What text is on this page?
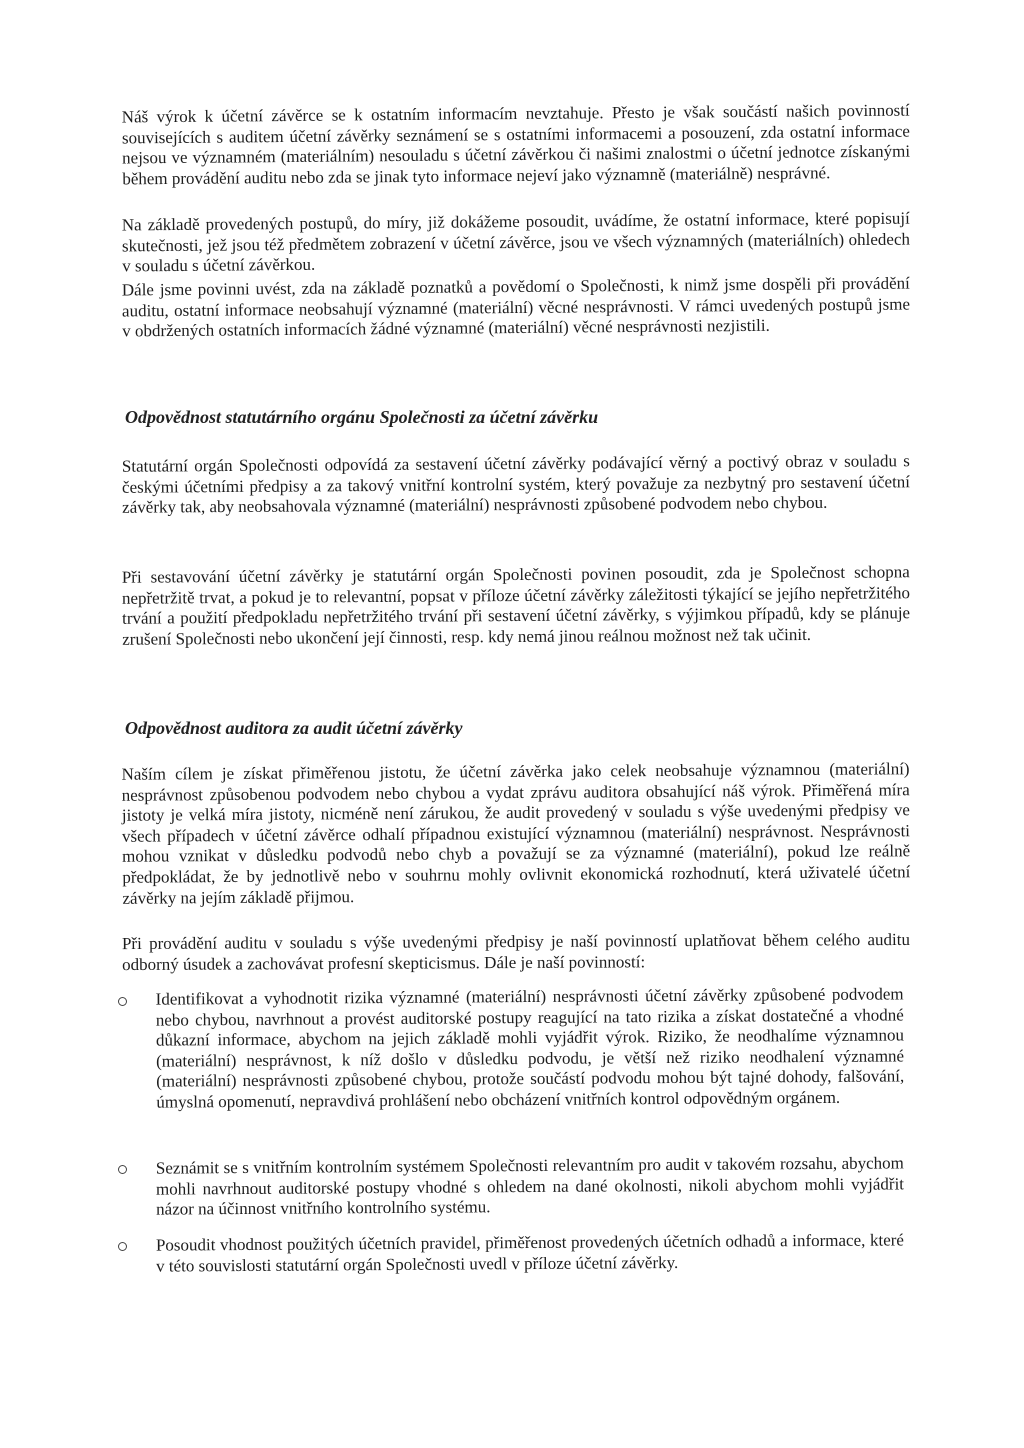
Náš výrok k účetní závěrce se k ostatním informacím nevztahuje. Přesto je však součástí našich povinností souvisejících s auditem účetní závěrky seznámení se s ostatními informacemi a posouzení, zda ostatní informace nejsou ve významném (materiálním) nesouladu s účetní závěrkou či našimi znalostmi o účetní jednotce získanými během provádění auditu nebo zda se jinak tyto informace nejeví jako významně (materiálně) nesprávné.
Na základě provedených postupů, do míry, již dokážeme posoudit, uvádíme, že ostatní informace, které popisují skutečnosti, jež jsou též předmětem zobrazení v účetní závěrce, jsou ve všech významných (materiálních) ohledech v souladu s účetní závěrkou.
Dále jsme povinni uvést, zda na základě poznatků a povědomí o Společnosti, k nimž jsme dospěli při provádění auditu, ostatní informace neobsahují významné (materiální) věcné nesprávnosti. V rámci uvedených postupů jsme v obdržených ostatních informacích žádné významné (materiální) věcné nesprávnosti nezjistili.
Odpovědnost statutárního orgánu Společnosti za účetní závěrku
Statutární orgán Společnosti odpovídá za sestavení účetní závěrky podávající věrný a poctivý obraz v souladu s českými účetními předpisy a za takový vnitřní kontrolní systém, který považuje za nezbytný pro sestavení účetní závěrky tak, aby neobsahovala významné (materiální) nesprávnosti způsobené podvodem nebo chybou.
Při sestavování účetní závěrky je statutární orgán Společnosti povinen posoudit, zda je Společnost schopna nepřetržitě trvat, a pokud je to relevantní, popsat v příloze účetní závěrky záležitosti týkající se jejího nepřetržitého trvání a použití předpokladu nepřetržitého trvání při sestavení účetní závěrky, s výjimkou případů, kdy se plánuje zrušení Společnosti nebo ukončení její činnosti, resp. kdy nemá jinou reálnou možnost než tak učinit.
Odpovědnost auditora za audit účetní závěrky
Naším cílem je získat přiměřenou jistotu, že účetní závěrka jako celek neobsahuje významnou (materiální) nesprávnost způsobenou podvodem nebo chybou a vydat zprávu auditora obsahující náš výrok. Přiměřená míra jistoty je velká míra jistoty, nicméně není zárukou, že audit provedený v souladu s výše uvedenými předpisy ve všech případech v účetní závěrce odhalí případnou existující významnou (materiální) nesprávnost. Nesprávnosti mohou vznikat v důsledku podvodů nebo chyb a považují se za významné (materiální), pokud lze reálně předpokládat, že by jednotlivě nebo v souhrnu mohly ovlivnit ekonomická rozhodnutí, která uživatelé účetní závěrky na jejím základě přijmou.
Při provádění auditu v souladu s výše uvedenými předpisy je naší povinností uplatňovat během celého auditu odborný úsudek a zachovávat profesní skepticismus. Dále je naší povinností:
Identifikovat a vyhodnotit rizika významné (materiální) nesprávnosti účetní závěrky způsobené podvodem nebo chybou, navrhnout a provést auditorské postupy reagující na tato rizika a získat dostatečné a vhodné důkazní informace, abychom na jejich základě mohli vyjádřit výrok. Riziko, že neodhalíme významnou (materiální) nesprávnost, k níž došlo v důsledku podvodu, je větší než riziko neodhalení významné (materiální) nesprávnosti způsobené chybou, protože součástí podvodu mohou být tajné dohody, falšování, úmyslná opomenutí, nepravdivá prohlášení nebo obcházení vnitřních kontrol odpovědným orgánem.
Seznámit se s vnitřním kontrolním systémem Společnosti relevantním pro audit v takovém rozsahu, abychom mohli navrhnout auditorské postupy vhodné s ohledem na dané okolnosti, nikoli abychom mohli vyjádřit názor na účinnost vnitřního kontrolního systému.
Posoudit vhodnost použitých účetních pravidel, přiměřenost provedených účetních odhadů a informace, které v této souvislosti statutární orgán Společnosti uvedl v příloze účetní závěrky.
